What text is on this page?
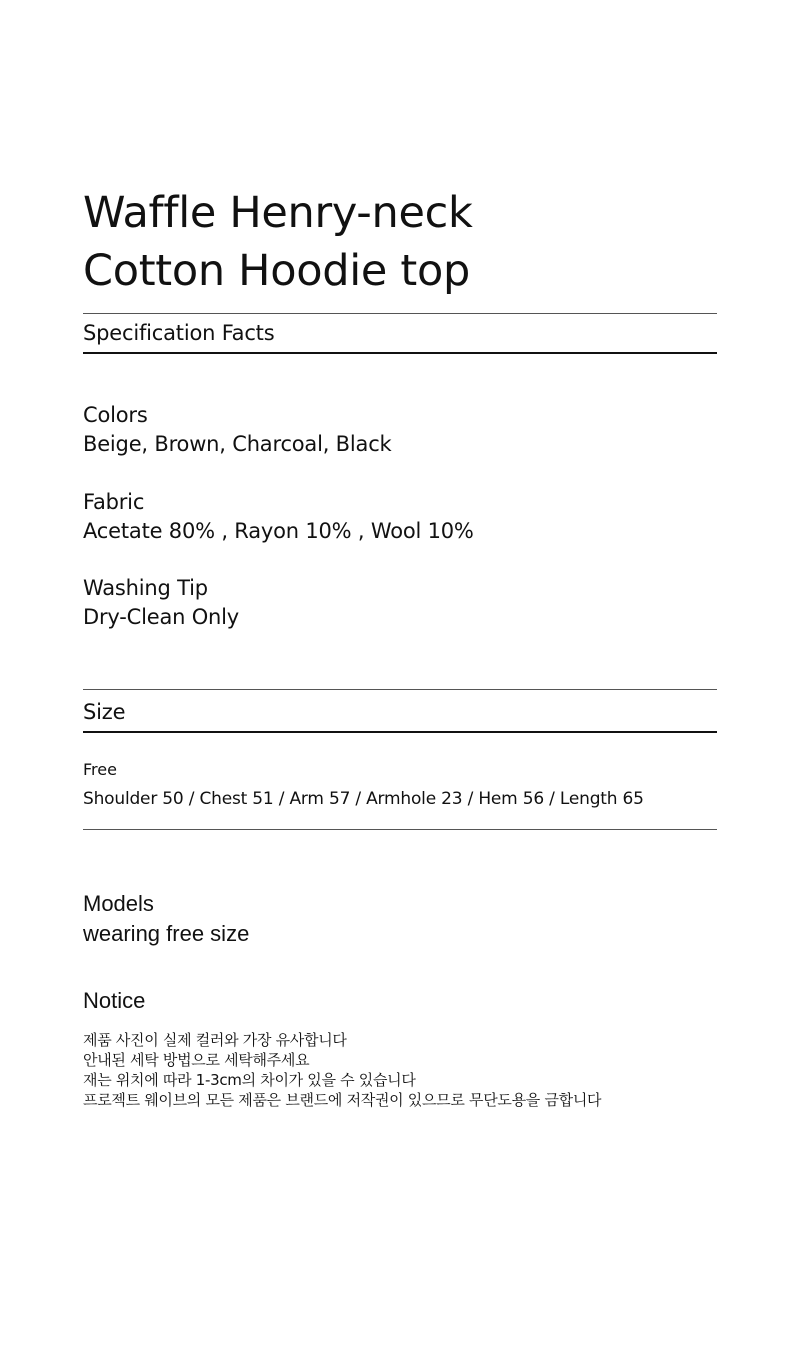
Waffle Henry-neck
Cotton Hoodie top
Specification Facts
Colors
Beige, Brown, Charcoal, Black
Fabric
Acetate 80% , Rayon 10% , Wool 10%
Washing Tip
Dry-Clean Only
Size
Free
Shoulder 50 / Chest 51 / Arm 57 / Armhole 23 / Hem 56 / Length 65
Models
wearing free size
Notice
제품 사진이 실제 컬러와 가장 유사합니다
안내된 세탁 방법으로 세탁해주세요
재는 위치에 따라 1-3cm의 차이가 있을 수 있습니다
프로젝트 웨이브의 모든 제품은 브랜드에 저작권이 있으므로 무단도용을 금합니다
